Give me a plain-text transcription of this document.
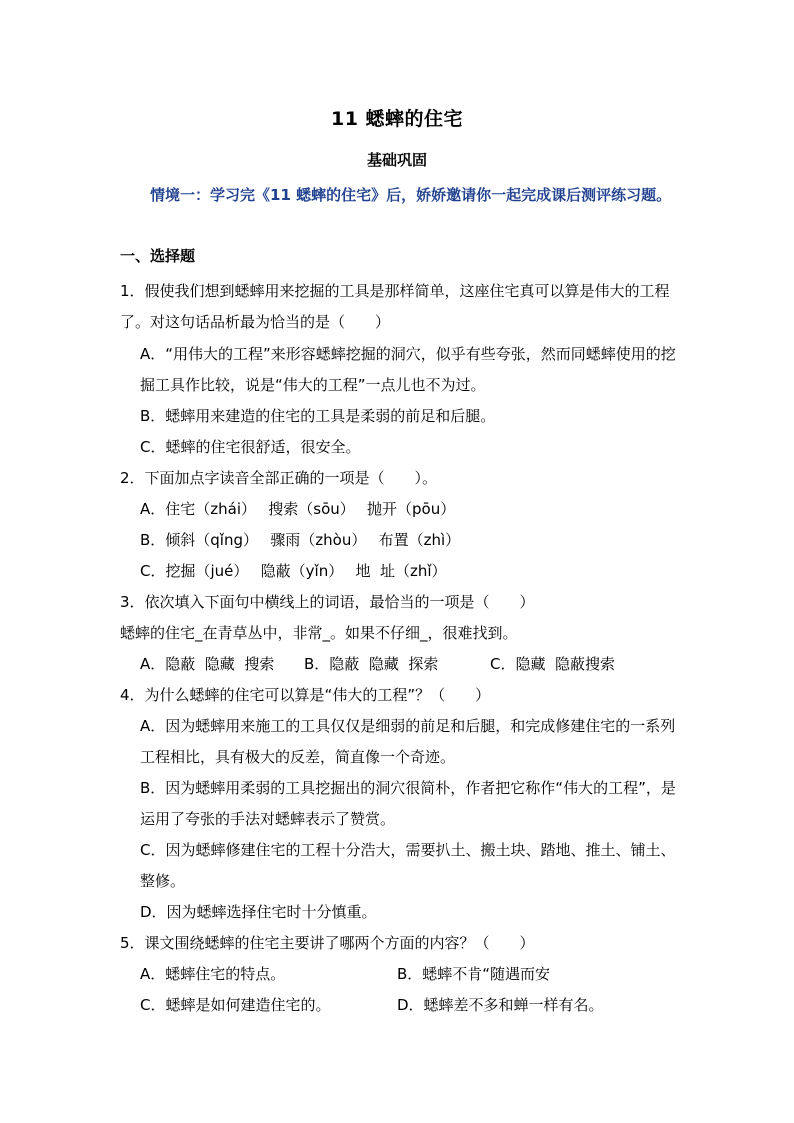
11 蟋蟀的住宅
基础巩固
情境一：学习完《11 蟋蟀的住宅》后，娇娇邀请你一起完成课后测评练习题。
一、选择题
1．假使我们想到蟋蟀用来挖掘的工具是那样简单，这座住宅真可以算是伟大的工程了。对这句话品析最为恰当的是（　　）
A．“用伟大的工程”来形容蟋蟀挖掘的洞穴，似乎有些夸张，然而同蟋蟀使用的挖掘工具作比较，说是“伟大的工程”一点儿也不为过。
B．蟋蟀用来建造的住宅的工具是柔弱的前足和后腿。
C．蟋蟀的住宅很舒适，很安全。
2．下面加点字读音全部正确的一项是（　　）。
A．住宅（zhái）　 搜索（sōu）　 抛开（pōu）
B．倾斜（qǐng）　 骤雨（zhòu）　 布置（zhì）
C．挖掘（jué）　 隐蔽（yǐn）　 地  址（zhǐ）
3．依次填入下面句中横线上的词语，最恰当的一项是（　　）
蟋蟀的住宅_在青草丛中，非常_。如果不仔细_，很难找到。
A．隐蔽  隐藏  搜索 B．隐蔽  隐藏  探索	C．隐藏  隐蔽搜索
4．为什么蟋蟀的住宅可以算是“伟大的工程”？（　　）
A．因为蟋蟀用来施工的工具仅仅是细弱的前足和后腿，和完成修建住宅的一系列工程相比，具有极大的反差，简直像一个奇迹。
B．因为蟋蟀用柔弱的工具挖掘出的洞穴很简朴，作者把它称作“伟大的工程”，是运用了夸张的手法对蟋蟀表示了赞赏。
C．因为蟋蟀修建住宅的工程十分浩大，需要扒土、搬土块、踏地、推土、铺土、整修。
D．因为蟋蟀选择住宅时十分慎重。
5．课文围绕蟋蟀的住宅主要讲了哪两个方面的内容？（　　）
A．蟋蟀住宅的特点。	B．蟋蟀不肯“随遇而安
C．蟋蟀是如何建造住宅的。	D．蟋蟀差不多和蝉一样有名。
